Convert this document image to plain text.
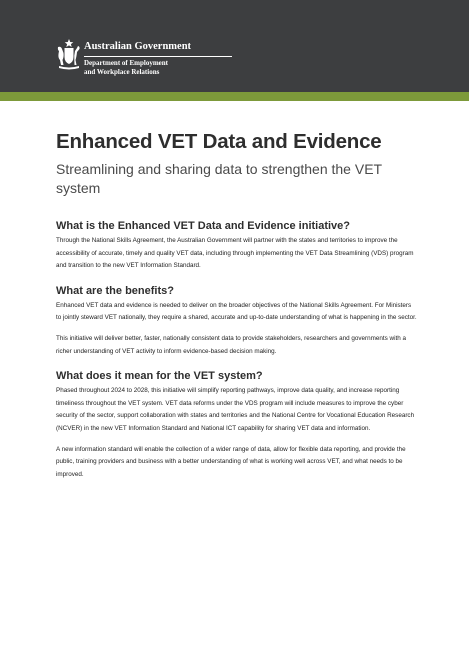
Australian Government
Department of Employment
and Workplace Relations
Enhanced VET Data and Evidence
Streamlining and sharing data to strengthen the VET system
What is the Enhanced VET Data and Evidence initiative?

Through the National Skills Agreement, the Australian Government will partner with the states and territories to improve the accessibility of accurate, timely and quality VET data, including through implementing the VET Data Streamlining (VDS) program and transition to the new VET Information Standard.

What are the benefits?

Enhanced VET data and evidence is needed to deliver on the broader objectives of the National Skills Agreement. For Ministers to jointly steward VET nationally, they require a shared, accurate and up-to-date understanding of what is happening in the sector.

This initiative will deliver better, faster, nationally consistent data to provide stakeholders, researchers and governments with a richer understanding of VET activity to inform evidence-based decision making.

What does it mean for the VET system?

Phased throughout 2024 to 2028, this initiative will simplify reporting pathways, improve data quality, and increase reporting timeliness throughout the VET system. VET data reforms under the VDS program will include measures to improve the cyber security of the sector, support collaboration with states and territories and the National Centre for Vocational Education Research (NCVER) in the new VET Information Standard and National ICT capability for sharing VET data and information.

A new information standard will enable the collection of a wider range of data, allow for flexible data reporting, and provide the public, training providers and business with a better understanding of what is working well across VET, and what needs to be improved.
